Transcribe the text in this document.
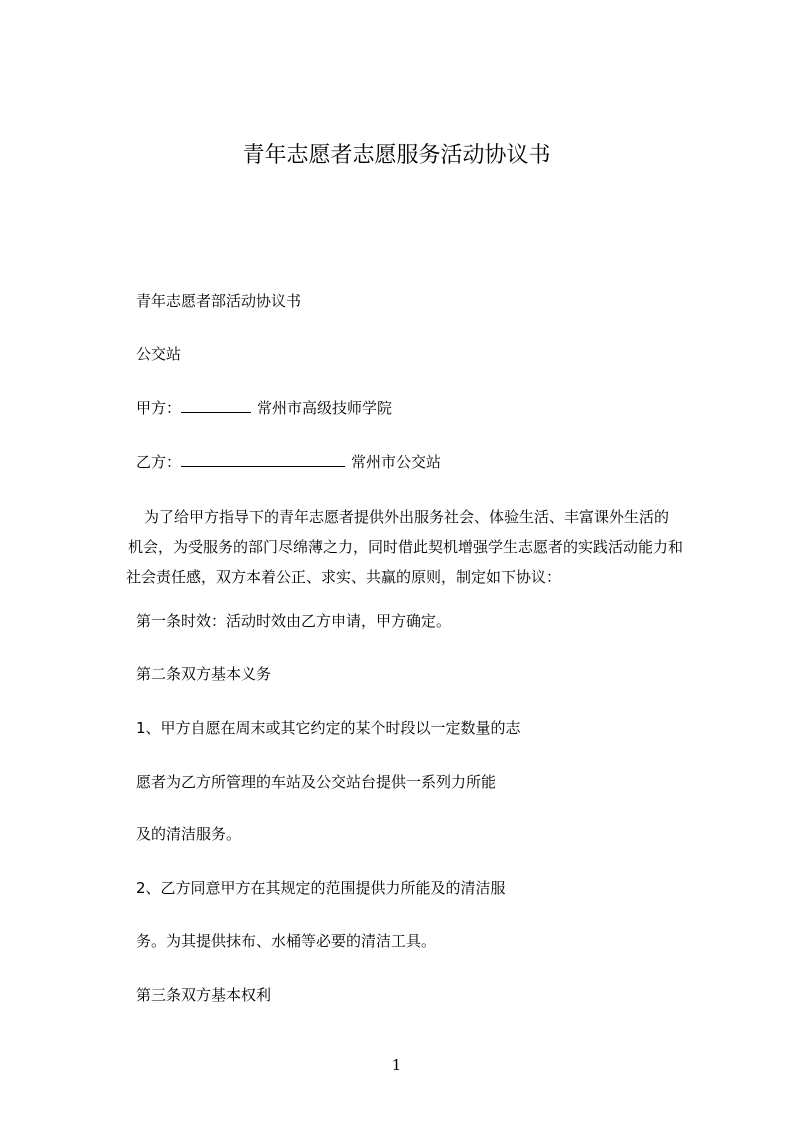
青年志愿者志愿服务活动协议书
青年志愿者部活动协议书
公交站
甲方：	常州市高级技师学院
乙方：	常州市公交站
为了给甲方指导下的青年志愿者提供外出服务社会、体验生活、丰富课外生活的
机会，为受服务的部门尽绵薄之力，同时借此契机增强学生志愿者的实践活动能力和
社会责任感，双方本着公正、求实、共赢的原则，制定如下协议：
第一条时效：活动时效由乙方申请，甲方确定。
第二条双方基本义务
1、甲方自愿在周末或其它约定的某个时段以一定数量的志
愿者为乙方所管理的车站及公交站台提供一系列力所能
及的清洁服务。
2、乙方同意甲方在其规定的范围提供力所能及的清洁服
务。为其提供抹布、水桶等必要的清洁工具。
第三条双方基本权利
1
